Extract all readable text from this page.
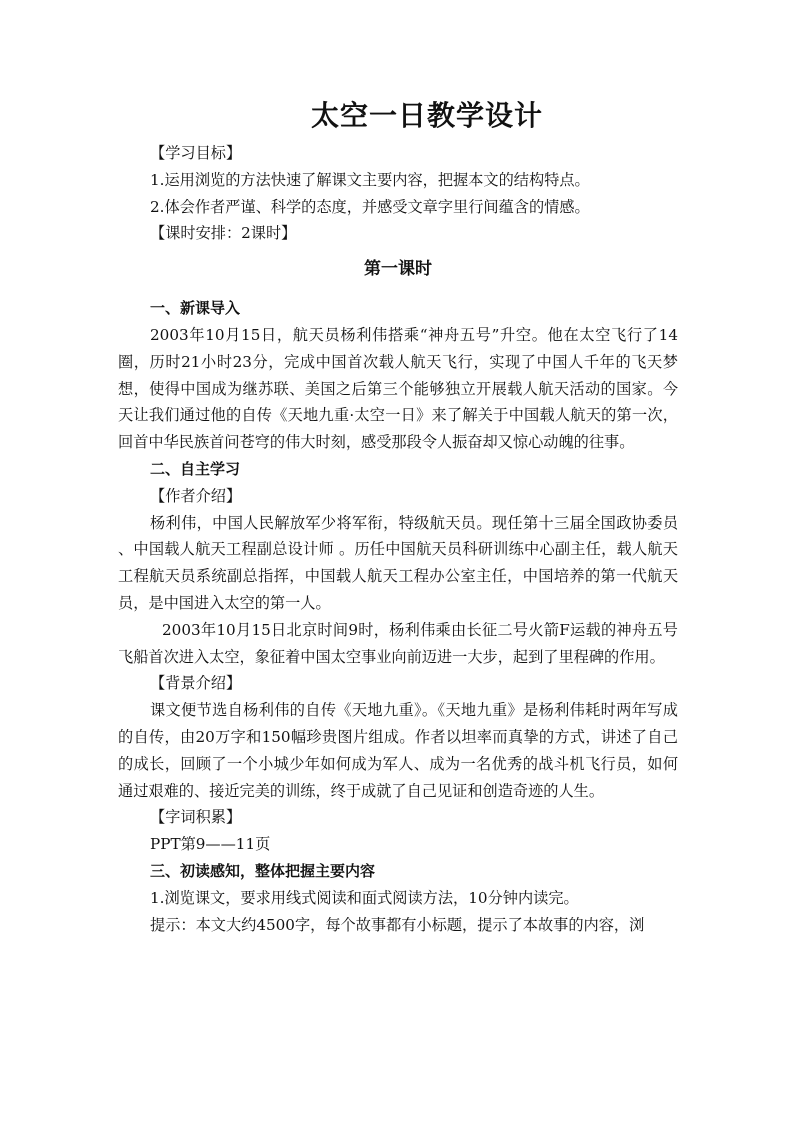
太空一日教学设计

【学习目标】

1.运用浏览的方法快速了解课文主要内容，把握本文的结构特点。

2.体会作者严谨、科学的态度，并感受文章字里行间蕴含的情感。

【课时安排：2课时】

第一课时

一、新课导入

2003年10月15日，航天员杨利伟搭乘“神舟五号”升空。他在太空飞行了14圈，历时21小时23分，完成中国首次载人航天飞行，实现了中国人千年的飞天梦想，使得中国成为继苏联、美国之后第三个能够独立开展载人航天活动的国家。今天让我们通过他的自传《天地九重·太空一日》来了解关于中国载人航天的第一次，回首中华民族首问苍穹的伟大时刻，感受那段令人振奋却又惊心动魄的往事。

二、自主学习

【作者介绍】

杨利伟，中国人民解放军少将军衔，特级航天员。现任第十三届全国政协委员 、中国载人航天工程副总设计师 。历任中国航天员科研训练中心副主任，载人航天工程航天员系统副总指挥，中国载人航天工程办公室主任，中国培养的第一代航天员，是中国进入太空的第一人。

2003年10月15日北京时间9时，杨利伟乘由长征二号火箭F运载的神舟五号飞船首次进入太空，象征着中国太空事业向前迈进一大步，起到了里程碑的作用。

【背景介绍】

课文便节选自杨利伟的自传《天地九重》。《天地九重》是杨利伟耗时两年写成的自传，由20万字和150幅珍贵图片组成。作者以坦率而真挚的方式，讲述了自己的成长，回顾了一个小城少年如何成为军人、成为一名优秀的战斗机飞行员，如何通过艰难的、接近完美的训练，终于成就了自己见证和创造奇迹的人生。

【字词积累】

PPT第9——11页

三、初读感知，整体把握主要内容

1.浏览课文，要求用线式阅读和面式阅读方法，10分钟内读完。

提示：本文大约4500字，每个故事都有小标题，提示了本故事的内容，浏
